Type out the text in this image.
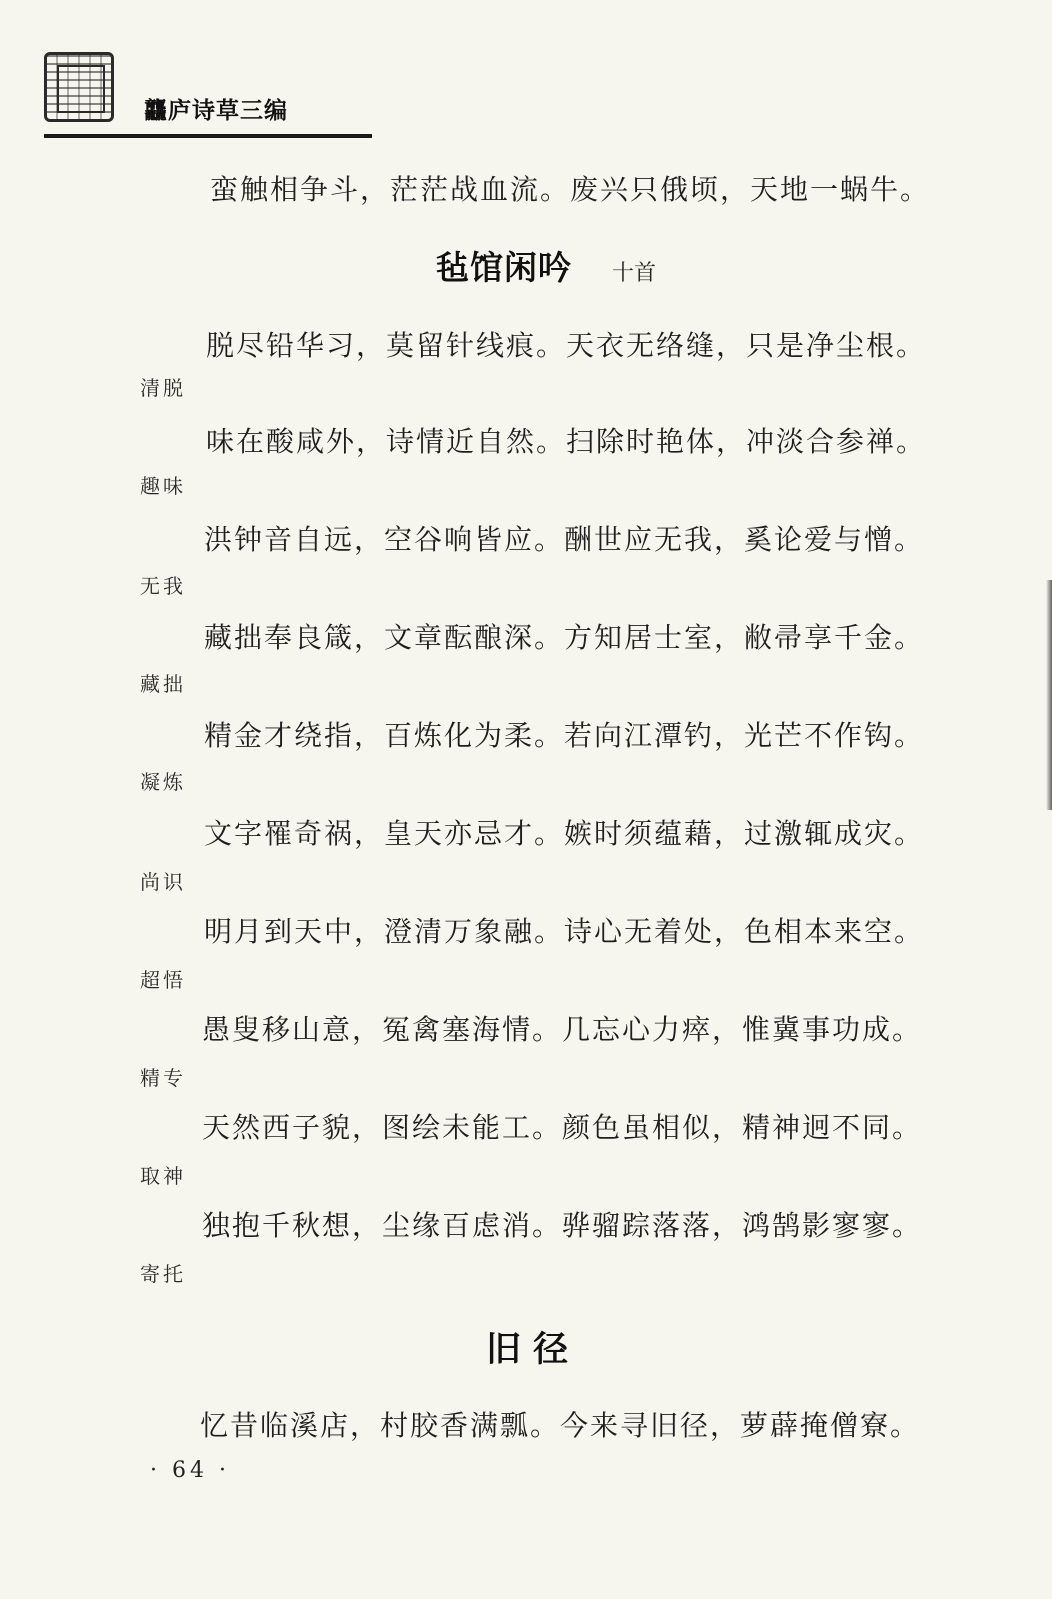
龘庐诗草三编
蛮触相争斗，茫茫战血流。废兴只俄顷，天地一蜗牛。
毡馆闲吟 十首
脱尽铅华习，莫留针线痕。天衣无络缝，只是净尘根。
清脱
味在酸咸外，诗情近自然。扫除时艳体，冲淡合参禅。
趣味
洪钟音自远，空谷响皆应。酬世应无我，奚论爱与憎。
无我
藏拙奉良箴，文章酝酿深。方知居士室，敝帚享千金。
藏拙
精金才绕指，百炼化为柔。若向江潭钓，光芒不作钩。
凝炼
文字罹奇祸，皇天亦忌才。嫉时须蕴藉，过激辄成灾。
尚识
明月到天中，澄清万象融。诗心无着处，色相本来空。
超悟
愚叟移山意，冤禽塞海情。几忘心力瘁，惟冀事功成。
精专
天然西子貌，图绘未能工。颜色虽相似，精神迥不同。
取神
独抱千秋想，尘缘百虑消。骅骝踪落落，鸿鹄影寥寥。
寄托
旧 径
忆昔临溪店，村胶香满瓢。今来寻旧径，萝薜掩僧寮。
· 64 ·
